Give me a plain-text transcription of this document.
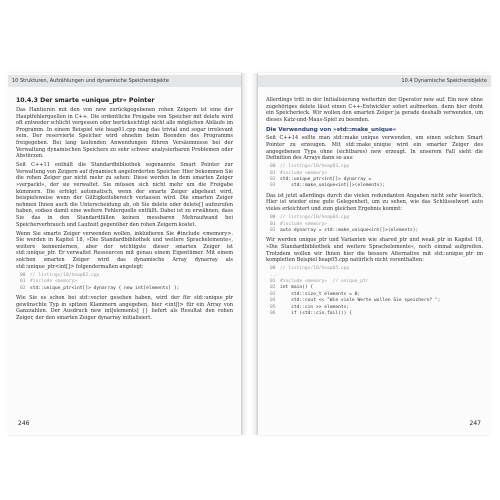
10 Strukturen, Aufzählungen und dynamische Speicherobjekte
10.4.3 Der smarte »unique_ptr« Pointer

Das Hantieren mit den von new zurückgegebenen rohen Zeigern ist eine der Hauptfehlerquellen in C++. Die ordentliche Freigabe von Speicher mit delete wird oft entweder schlicht vergessen oder berücksichtigt nicht alle möglichen Abläufe im Programm. In einem Beispiel wie heap01.cpp mag das trivial und sogar irrelevant sein. Der reservierte Speicher wird ohnehin beim Beenden des Programms freigegeben. Bei lang laufenden Anwendungen führen Versäumnisse bei der Verwaltung dynamischen Speichers zu sehr schwer analysierbaren Problemen oder Abstürzen.

Seit C++11 enthält die Standardbibliothek sogenannte Smart Pointer zur Verwaltung von Zeigern auf dynamisch angeforderten Speicher. Hier bekommen Sie die rohen Zeiger gar nicht mehr zu sehen: Diese werden in dem smarten Zeiger »verpackt«, der sie verwaltet. Sie müssen sich nicht mehr um die Freigabe kümmern. Die erfolgt automatisch, wenn der smarte Zeiger abgebaut wird, beispielsweise wenn der Gültigkeitsbereich verlassen wird. Die smarten Zeiger nehmen Ihnen auch die Unterscheidung ab, ob Sie delete oder delete[] aufzurufen haben, sodass damit eine weitere Fehlerquelle entfällt. Dabei ist zu erwähnen, dass Sie das in den Standardfällen keinen messbaren Mehraufwand bei Speicherverbrauch und Laufzeit gegenüber den rohen Zeigern kostet.

Wenn Sie smarte Zeiger verwenden wollen, inkludieren Sie #include <memory>. Sie werden in Kapitel 18, »Die Standardbibliothek und weitere Sprachelemente«, weitere kennenlernen, aber der wichtigste dieser smarten Zeiger ist std::unique_ptr. Er verwaltet Ressourcen mit genau einem Eigentümer. Mit einem solchen smarten Zeiger wird das dynamische Array dynarray als std::unique_ptr<int[]> folgendermaßen angelegt:

00 // listings/10/heap02.cpp
01 #include <memory>
02 std::unique_ptr<int[]> dynarray { new int[elements] };

Wie Sie es schon bei std::vector gesehen haben, wird der für std::unique_ptr gewünschte Typ in spitzen Klammern angegeben, hier <int[]> für ein Array von Ganzzahlen. Der Ausdruck new int[elements] {} liefert als Resultat den rohen Zeiger, der den smarten Zeiger dynarray initialisiert.

246
10.4 Dynamische Speicherobjekte

Allerdings tritt in der Initialisierung weiterhin der Operator new auf. Ein new ohne zugehöriges delete lässt einen C++-Entwickler sofort aufmerken, denn hier droht ein Speicherleck. Wir wollen den smarten Zeiger ja gerade deshalb verwenden, um dieses Katz-und-Maus-Spiel zu beenden.

Die Verwendung von »std::make_unique«

Seit C++14 sollte man std::make_unique verwenden, um einen solchen Smart Pointer zu erzeugen. Mit std::make_unique wird ein smarter Zeiger des angegebenen Typs ohne (sichtbares) new erzeugt. In unserem Fall sieht die Definition des Arrays dann so aus:

00 // listings/10/heap03.cpp
01 #include <memory>
02 std::unique_ptr<int[]> dynarray =
03    std::make_unique<int[]>(elements);

Das ist jetzt allerdings durch die vielen redundanten Angaben nicht sehr leserlich. Hier ist wieder eine gute Gelegenheit, um zu sehen, wie das Schlüsselwort auto vieles erleichtert und zum gleichen Ergebnis kommt:

00 // listings/10/heap04.cpp
01 #include <memory>
02 auto dynarray = std::make_unique<int[]>(elements);

Wir werden unique_ptr und Varianten wie shared_ptr und weak_ptr in Kapitel 18, »Die Standardbibliothek und weitere Sprachelemente«, noch einmal aufgreifen. Trotzdem wollen wir Ihnen hier die bessere Alternative mit std::unique_ptr im kompletten Beispiel heap05.cpp natürlich nicht vorenthalten:

00 // listings/10/heap05.cpp
...
01 #include <memory>  // unique_ptr
02 int main() {
03    std::size_t elements = 0;
04    std::cout << "Wie viele Werte wollen Sie speichern? ";
05    std::cin >> elements;
06    if (std::cin.fail()) {
247
